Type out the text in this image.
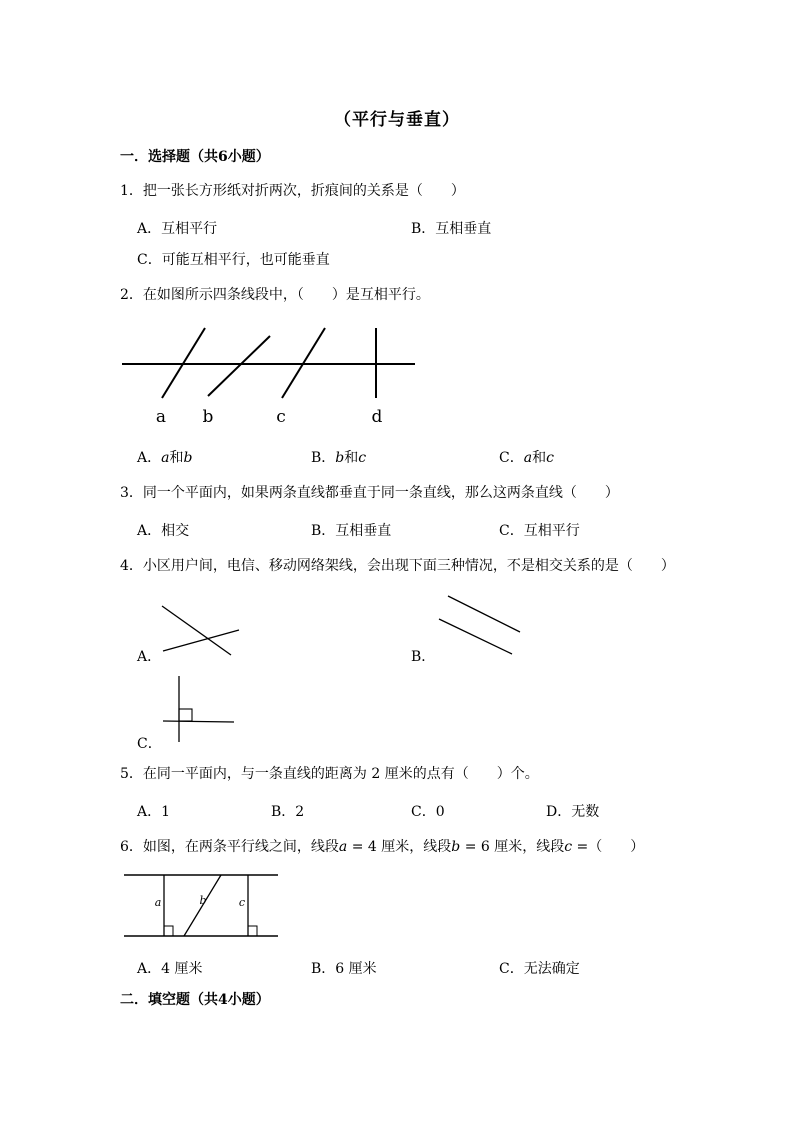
（平行与垂直）
一．选择题（共6小题）
1．把一张长方形纸对折两次，折痕间的关系是（　　）
A．互相平行	B．互相垂直
C．可能互相平行，也可能垂直
2．在如图所示四条线段中，（　　）是互相平行。
a b	c	d
A．a和b	B．b和c	C．a和c
3．同一个平面内，如果两条直线都垂直于同一条直线，那么这两条直线（　　）
A．相交	B．互相垂直	C．互相平行
4．小区用户间，电信、移动网络架线，会出现下面三种情况，不是相交关系的是（　　）
A．	B．
C．
5．在同一平面内，与一条直线的距离为 2 厘米的点有（　　）个。
A．1	B．2	C．0	D．无数
6．如图，在两条平行线之间，线段a = 4 厘米，线段b = 6 厘米，线段c =（　　）
a	b	c
A．4 厘米	B．6 厘米	C．无法确定
二．填空题（共4小题）
